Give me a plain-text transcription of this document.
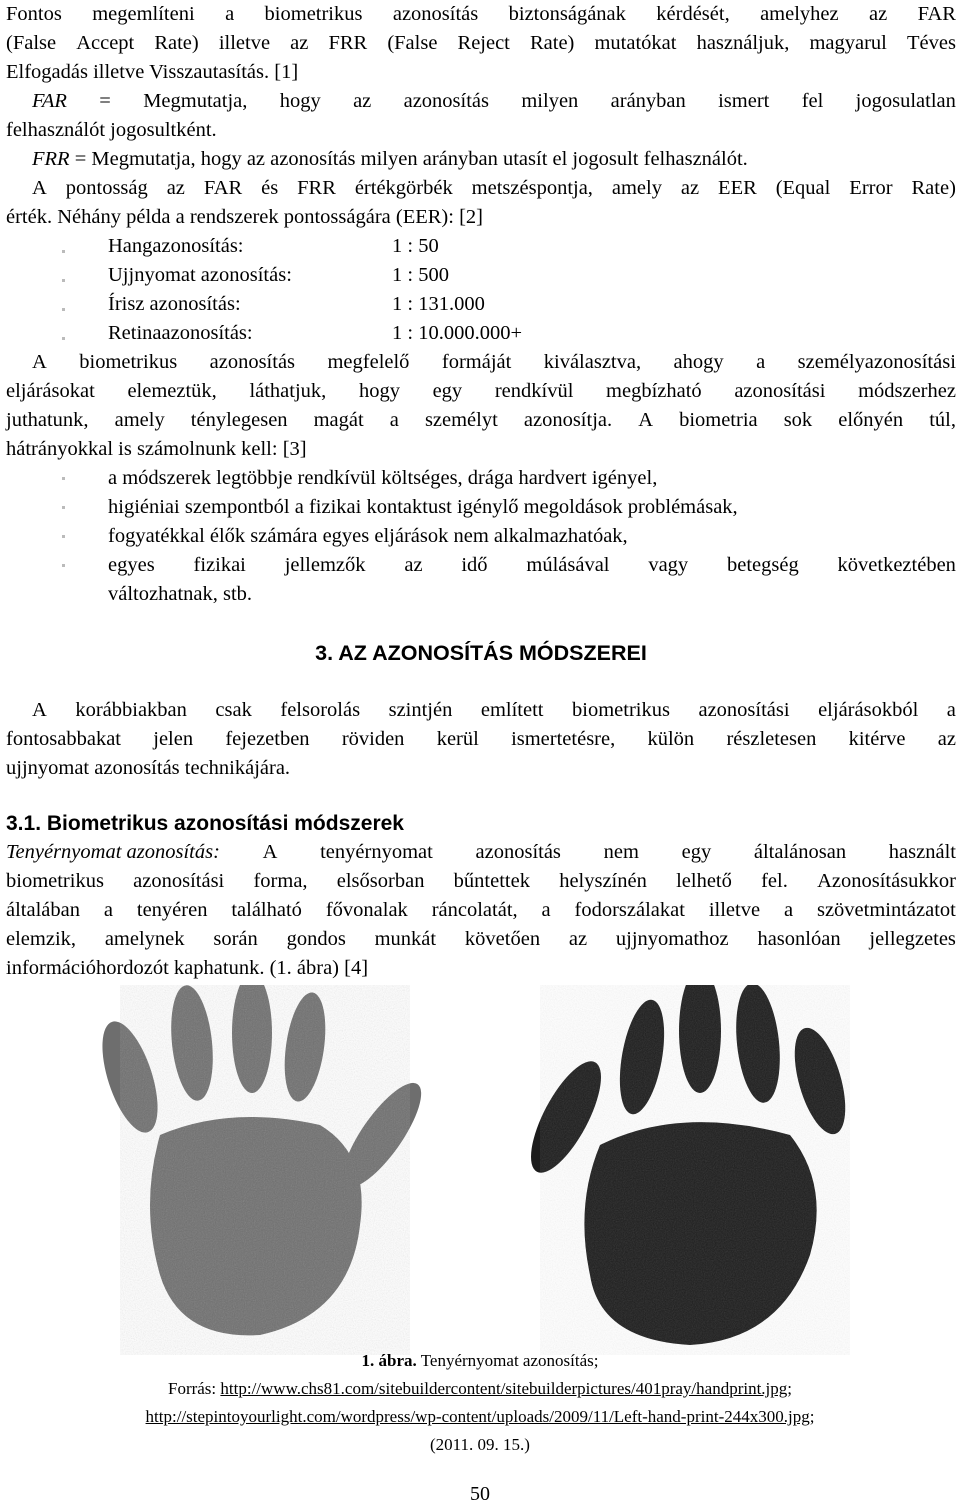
Fontos megemlíteni a biometrikus azonosítás biztonságának kérdését, amelyhez az FAR
(False Accept Rate) illetve az FRR (False Reject Rate) mutatókat használjuk, magyarul Téves
Elfogadás illetve Visszautasítás. [1]
FAR = Megmutatja, hogy az azonosítás milyen arányban ismert fel jogosulatlan
felhasználót jogosultként.
FRR = Megmutatja, hogy az azonosítás milyen arányban utasít el jogosult felhasználót.
A pontosság az FAR és FRR értékgörbék metszéspontja, amely az EER (Equal Error Rate)
érték. Néhány példa a rendszerek pontosságára (EER): [2]
Hangazonosítás:	1 : 50
Ujjnyomat azonosítás:	1 : 500
Írisz azonosítás:	1 : 131.000
Retinaazonosítás:	1 : 10.000.000+
A biometrikus azonosítás megfelelő formáját kiválasztva, ahogy a személyazonosítási
eljárásokat elemeztük, láthatjuk, hogy egy rendkívül megbízható azonosítási módszerhez
juthatunk, amely ténylegesen magát a személyt azonosítja. A biometria sok előnyén túl,
hátrányokkal is számolnunk kell: [3]
a módszerek legtöbbje rendkívül költséges, drága hardvert igényel,
higiéniai szempontból a fizikai kontaktust igénylő megoldások problémásak,
fogyatékkal élők számára egyes eljárások nem alkalmazhatóak,
egyes fizikai jellemzők az idő múlásával vagy betegség következtében
változhatnak, stb.
3. AZ AZONOSÍTÁS MÓDSZEREI
A korábbiakban csak felsorolás szintjén említett biometrikus azonosítási eljárásokból a
fontosabbakat jelen fejezetben röviden kerül ismertetésre, külön részletesen kitérve az
ujjnyomat azonosítás technikájára.
3.1. Biometrikus azonosítási módszerek
Tenyérnyomat azonosítás: A tenyérnyomat azonosítás nem egy általánosan használt
biometrikus azonosítási forma, elsősorban bűntettek helyszínén lelhető fel. Azonosításukkor
általában a tenyéren található fővonalak ráncolatát, a fodorszálakat illetve a szövetmintázatot
elemzik, amelynek során gondos munkát követően az ujjnyomathoz hasonlóan jellegzetes
információhordozót kaphatunk. (1. ábra) [4]

1. ábra. Tenyérnyomat azonosítás;

Forrás: http://www.chs81.com/sitebuildercontent/sitebuilderpictures/401pray/handprint.jpg;

http://stepintoyourlight.com/wordpress/wp-content/uploads/2009/11/Left-hand-print-244x300.jpg;

(2011. 09. 15.)

50
